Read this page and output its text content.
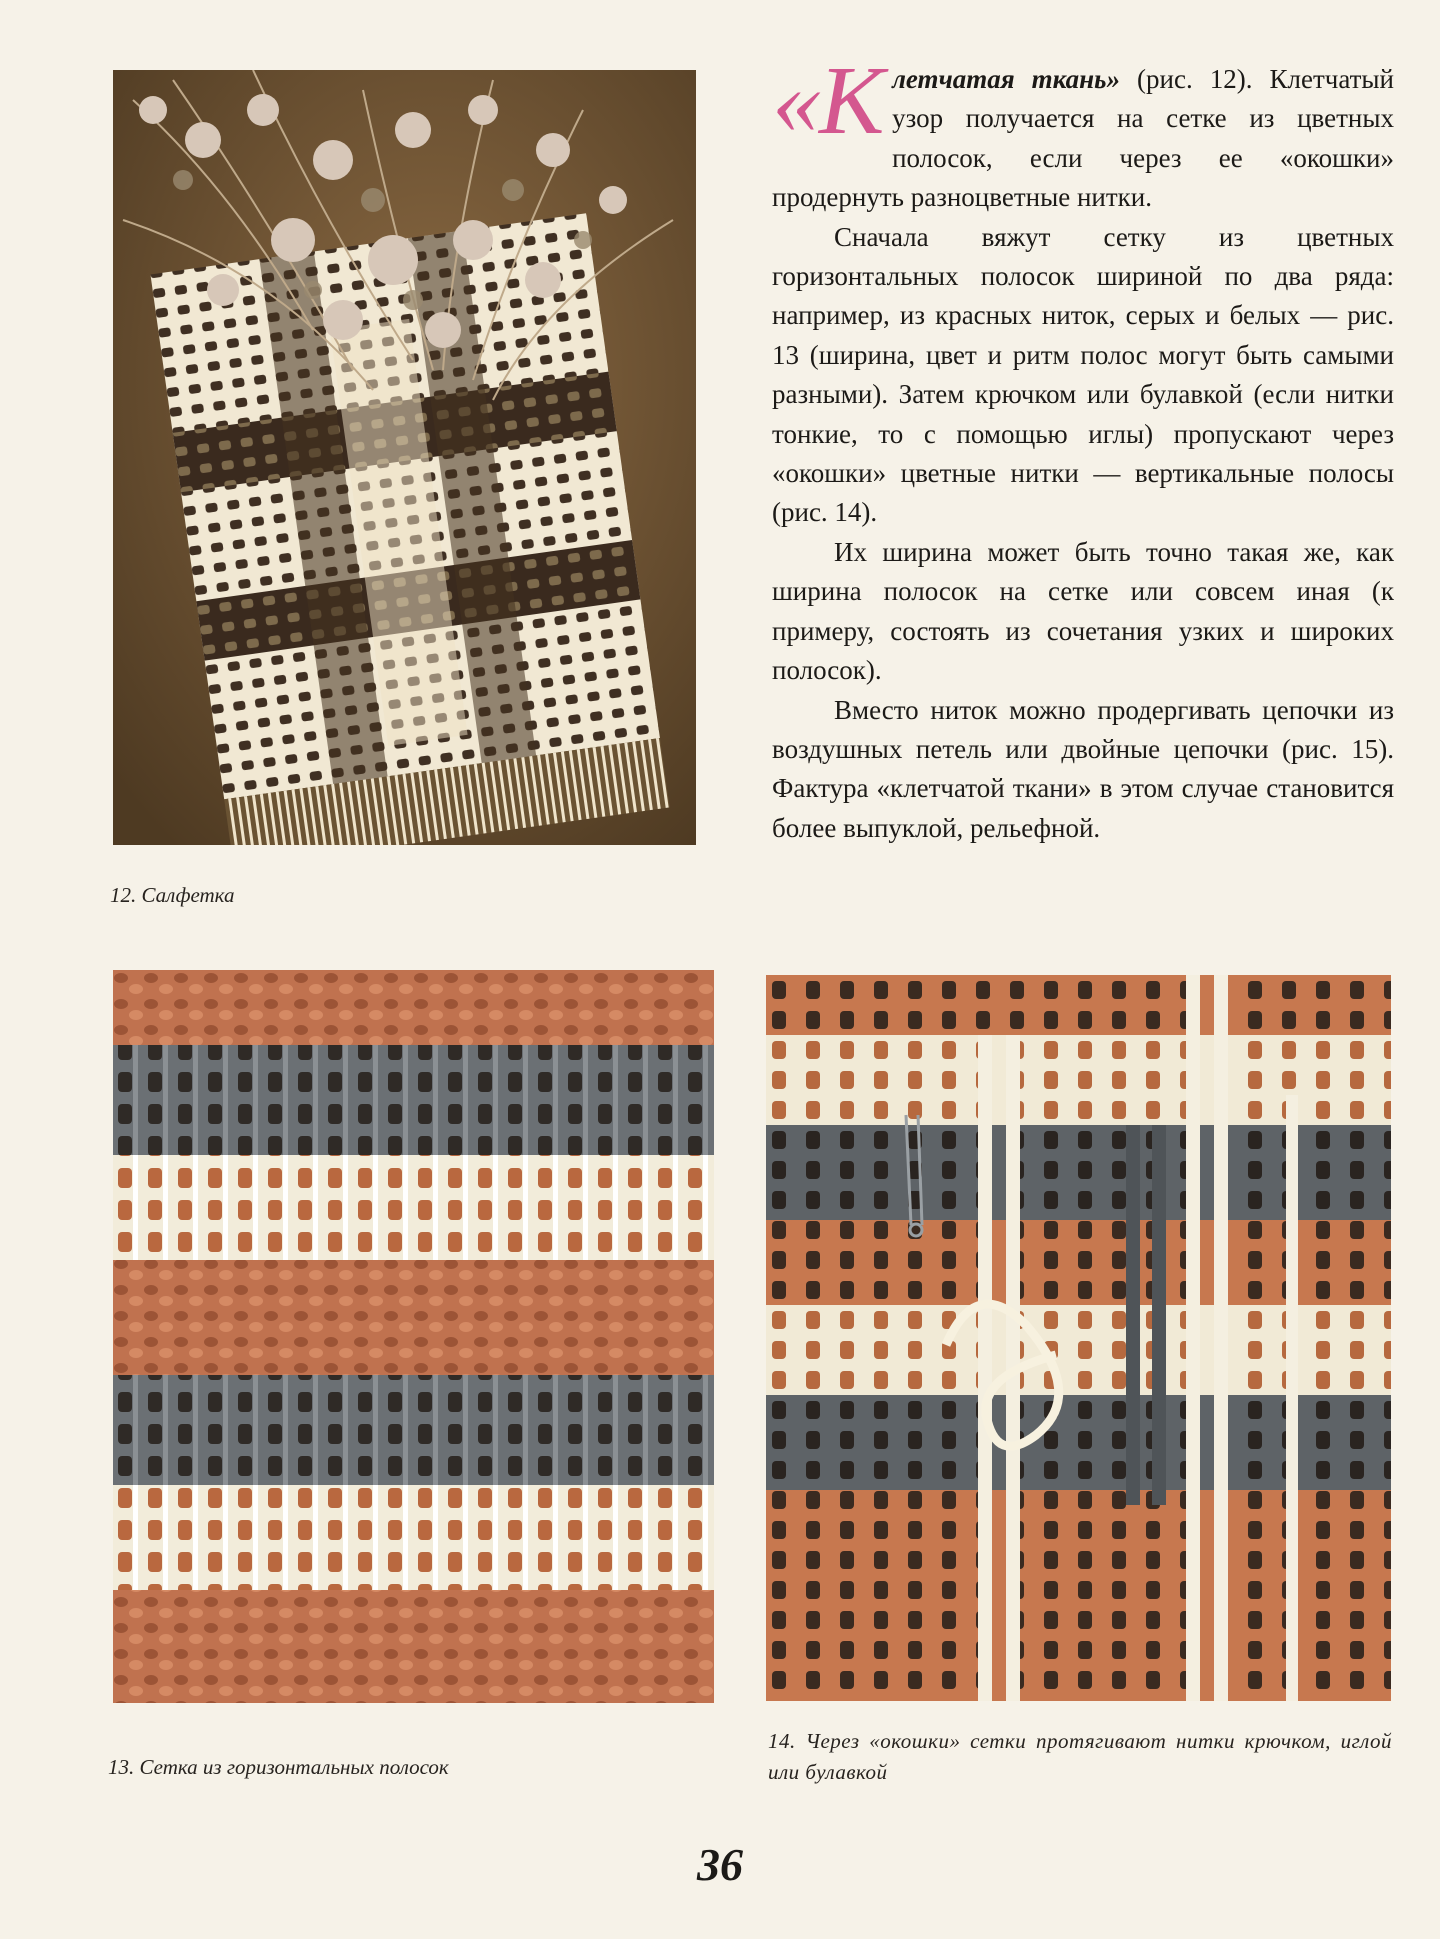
«К летчатая ткань» (рис. 12). Клетчатый узор получается на сетке из цветных полосок, если через ее «окошки» продернуть разноцветные нитки.

Сначала вяжут сетку из цветных горизонтальных полосок шириной по два ряда: например, из красных ниток, серых и белых — рис. 13 (ширина, цвет и ритм полос могут быть самыми разными). Затем крючком или булавкой (если нитки тонкие, то с помощью иглы) пропускают через «окошки» цветные нитки — вертикальные полосы (рис. 14).

Их ширина может быть точно такая же, как ширина полосок на сетке или совсем иная (к примеру, состоять из сочетания узких и широких полосок).

Вместо ниток можно продергивать цепочки из воздушных петель или двойные цепочки (рис. 15). Фактура «клетчатой ткани» в этом случае становится более выпуклой, рельефной.

12. Салфетка
13. Сетка из горизонтальных полосок
14. Через «окошки» сетки протягивают нитки крючком, иглой или булавкой
36
